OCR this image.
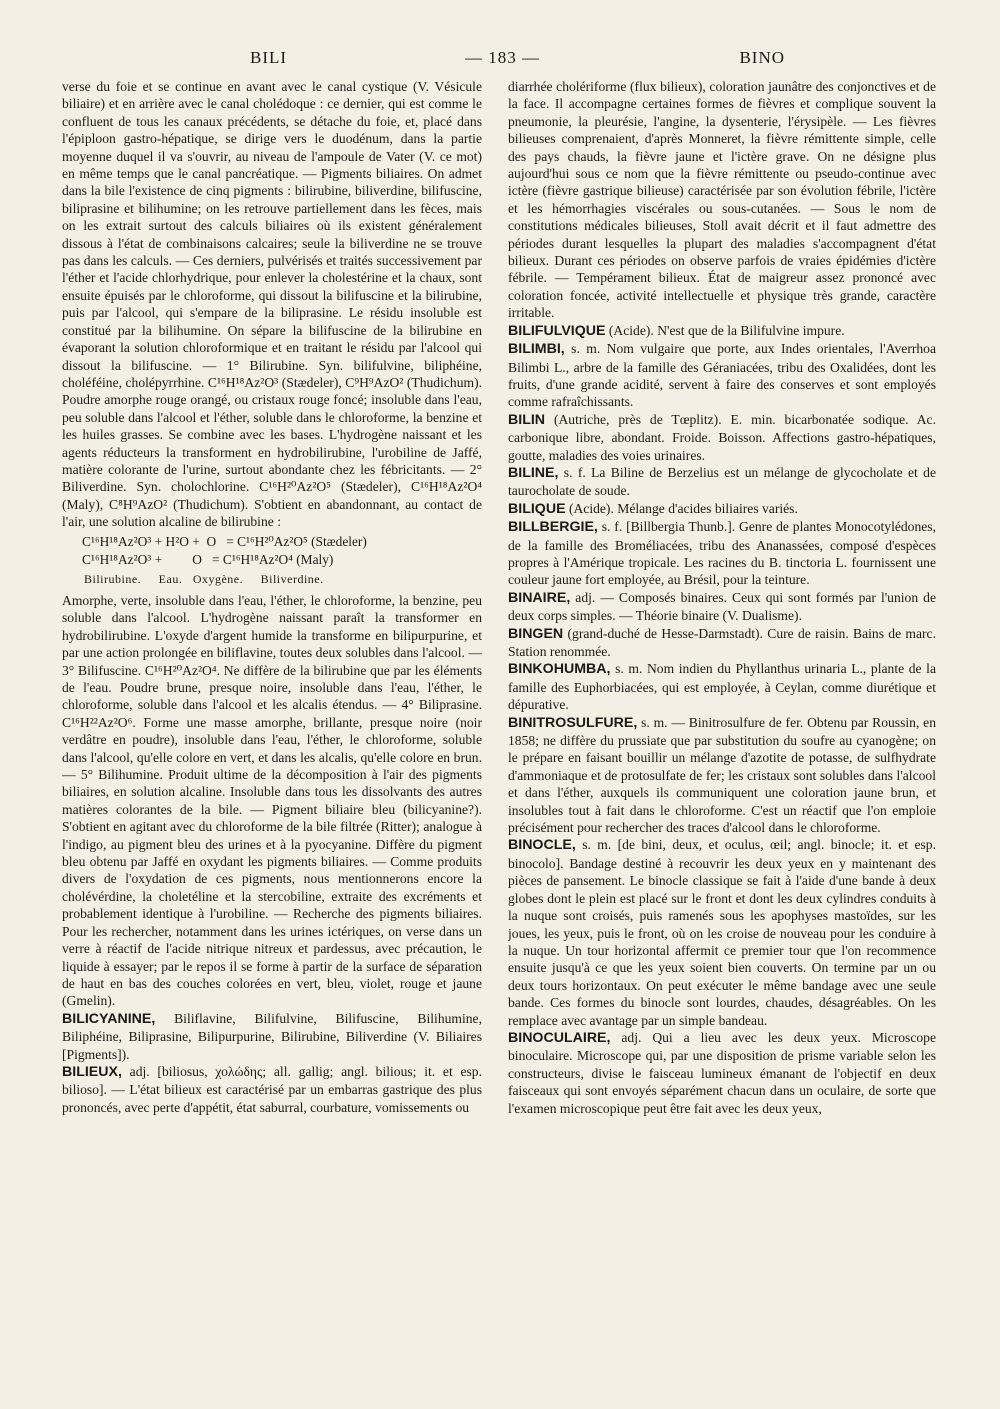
BILI	— 183 —	BINO

verse du foie et se continue en avant avec le canal cystique (V. Vésicule biliaire) et en arrière avec le canal cholédoque : ce dernier, qui est comme le confluent de tous les canaux précédents, se détache du foie, et, placé dans l'épiploon gastro-hépatique, se dirige vers le duodénum, dans la partie moyenne duquel il va s'ouvrir, au niveau de l'ampoule de Vater (V. ce mot) en même temps que le canal pancréatique. — Pigments biliaires. On admet dans la bile l'existence de cinq pigments : bilirubine, biliverdine, bilifuscine, biliprasine et bilihumine; on les retrouve partiellement dans les fèces, mais on les extrait surtout des calculs biliaires où ils existent généralement dissous à l'état de combinaisons calcaires; seule la biliverdine ne se trouve pas dans les calculs. — Ces derniers, pulvérisés et traités successivement par l'éther et l'acide chlorhydrique, pour enlever la cholestérine et la chaux, sont ensuite épuisés par le chloroforme, qui dissout la bilifuscine et la bilirubine, puis par l'alcool, qui s'empare de la biliprasine. Le résidu insoluble est constitué par la bilihumine. On sépare la bilifuscine de la bilirubine en évaporant la solution chloroformique et en traitant le résidu par l'alcool qui dissout la bilifuscine. — 1° Bilirubine. Syn. bilifulvine, biliphéine, choléféine, cholépyrrhine. C¹⁶H¹⁸Az²O³ (Stædeler), C⁹H⁹AzO² (Thudichum). Poudre amorphe rouge orangé, ou cristaux rouge foncé; insoluble dans l'eau, peu soluble dans l'alcool et l'éther, soluble dans le chloroforme, la benzine et les huiles grasses. Se combine avec les bases. L'hydrogène naissant et les agents réducteurs la transforment en hydrobilirubine, l'urobiline de Jaffé, matière colorante de l'urine, surtout abondante chez les fébricitants. — 2° Biliverdine. Syn. cholochlorine. C¹⁶H²⁰Az²O⁵ (Stædeler), C¹⁶H¹⁸Az²O⁴ (Maly), C⁸H⁹AzO² (Thudichum). S'obtient en abandonnant, au contact de l'air, une solution alcaline de bilirubine :

C¹⁶H¹⁸Az²O³ + H²O +  O   = C¹⁶H²⁰Az²O⁵ (Stædeler)
C¹⁶H¹⁸Az²O³ +         O   = C¹⁶H¹⁸Az²O⁴ (Maly)
Bilirubine.     Eau.   Oxygène.     Biliverdine.

Amorphe, verte, insoluble dans l'eau, l'éther, le chloroforme, la benzine, peu soluble dans l'alcool. L'hydrogène naissant paraît la transformer en hydrobilirubine. L'oxyde d'argent humide la transforme en bilipurpurine, et par une action prolongée en biliflavine, toutes deux solubles dans l'alcool. — 3° Bilifuscine. C¹⁶H²⁰Az²O⁴. Ne diffère de la bilirubine que par les éléments de l'eau. Poudre brune, presque noire, insoluble dans l'eau, l'éther, le chloroforme, soluble dans l'alcool et les alcalis étendus. — 4° Biliprasine. C¹⁶H²²Az²O⁶. Forme une masse amorphe, brillante, presque noire (noir verdâtre en poudre), insoluble dans l'eau, l'éther, le chloroforme, soluble dans l'alcool, qu'elle colore en vert, et dans les alcalis, qu'elle colore en brun. — 5° Bilihumine. Produit ultime de la décomposition à l'air des pigments biliaires, en solution alcaline. Insoluble dans tous les dissolvants des autres matières colorantes de la bile. — Pigment biliaire bleu (bilicyanine?). S'obtient en agitant avec du chloroforme de la bile filtrée (Ritter); analogue à l'indigo, au pigment bleu des urines et à la pyocyanine. Diffère du pigment bleu obtenu par Jaffé en oxydant les pigments biliaires. — Comme produits divers de l'oxydation de ces pigments, nous mentionnerons encore la cholévérdine, la choletéline et la stercobiline, extraite des excréments et probablement identique à l'urobiline. — Recherche des pigments biliaires. Pour les rechercher, notamment dans les urines ictériques, on verse dans un verre à réactif de l'acide nitrique nitreux et pardessus, avec précaution, le liquide à essayer; par le repos il se forme à partir de la surface de séparation de haut en bas des couches colorées en vert, bleu, violet, rouge et jaune (Gmelin).

BILICYANINE, Biliflavine, Bilifulvine, Bilifuscine, Bilihumine, Biliphéine, Biliprasine, Bilipurpurine, Bilirubine, Biliverdine (V. Biliaires [Pigments]).

BILIEUX, adj. [biliosus, χολώδης; all. gallig; angl. bilious; it. et esp. bilioso]. — L'état bilieux est caractérisé par un embarras gastrique des plus prononcés, avec perte d'appétit, état saburral, courbature, vomissements ou

diarrhée cholériforme (flux bilieux), coloration jaunâtre des conjonctives et de la face. Il accompagne certaines formes de fièvres et complique souvent la pneumonie, la pleurésie, l'angine, la dysenterie, l'érysipèle. — Les fièvres bilieuses comprenaient, d'après Monneret, la fièvre rémittente simple, celle des pays chauds, la fièvre jaune et l'ictère grave. On ne désigne plus aujourd'hui sous ce nom que la fièvre rémittente ou pseudo-continue avec ictère (fièvre gastrique bilieuse) caractérisée par son évolution fébrile, l'ictère et les hémorrhagies viscérales ou sous-cutanées. — Sous le nom de constitutions médicales bilieuses, Stoll avait décrit et il faut admettre des périodes durant lesquelles la plupart des maladies s'accompagnent d'état bilieux. Durant ces périodes on observe parfois de vraies épidémies d'ictère fébrile. — Tempérament bilieux. État de maigreur assez prononcé avec coloration foncée, activité intellectuelle et physique très grande, caractère irritable.

BILIFULVIQUE (Acide). N'est que de la Bilifulvine impure.

BILIMBI, s. m. Nom vulgaire que porte, aux Indes orientales, l'Averrhoa Bilimbi L., arbre de la famille des Géraniacées, tribu des Oxalidées, dont les fruits, d'une grande acidité, servent à faire des conserves et sont employés comme rafraîchissants.

BILIN (Autriche, près de Tœplitz). E. min. bicarbonatée sodique. Ac. carbonique libre, abondant. Froide. Boisson. Affections gastro-hépatiques, goutte, maladies des voies urinaires.

BILINE, s. f. La Biline de Berzelius est un mélange de glycocholate et de taurocholate de soude.

BILIQUE (Acide). Mélange d'acides biliaires variés.

BILLBERGIE, s. f. [Billbergia Thunb.]. Genre de plantes Monocotylédones, de la famille des Broméliacées, tribu des Ananassées, composé d'espèces propres à l'Amérique tropicale. Les racines du B. tinctoria L. fournissent une couleur jaune fort employée, au Brésil, pour la teinture.

BINAIRE, adj. — Composés binaires. Ceux qui sont formés par l'union de deux corps simples. — Théorie binaire (V. Dualisme).

BINGEN (grand-duché de Hesse-Darmstadt). Cure de raisin. Bains de marc. Station renommée.

BINKOHUMBA, s. m. Nom indien du Phyllanthus urinaria L., plante de la famille des Euphorbiacées, qui est employée, à Ceylan, comme diurétique et dépurative.

BINITROSULFURE, s. m. — Binitrosulfure de fer. Obtenu par Roussin, en 1858; ne diffère du prussiate que par substitution du soufre au cyanogène; on le prépare en faisant bouillir un mélange d'azotite de potasse, de sulfhydrate d'ammoniaque et de protosulfate de fer; les cristaux sont solubles dans l'alcool et dans l'éther, auxquels ils communiquent une coloration jaune brun, et insolubles tout à fait dans le chloroforme. C'est un réactif que l'on emploie précisément pour rechercher des traces d'alcool dans le chloroforme.

BINOCLE, s. m. [de bini, deux, et oculus, œil; angl. binocle; it. et esp. binocolo]. Bandage destiné à recouvrir les deux yeux en y maintenant des pièces de pansement. Le binocle classique se fait à l'aide d'une bande à deux globes dont le plein est placé sur le front et dont les deux cylindres conduits à la nuque sont croisés, puis ramenés sous les apophyses mastoïdes, sur les joues, les yeux, puis le front, où on les croise de nouveau pour les conduire à la nuque. Un tour horizontal affermit ce premier tour que l'on recommence ensuite jusqu'à ce que les yeux soient bien couverts. On termine par un ou deux tours horizontaux. On peut exécuter le même bandage avec une seule bande. Ces formes du binocle sont lourdes, chaudes, désagréables. On les remplace avec avantage par un simple bandeau.

BINOCULAIRE, adj. Qui a lieu avec les deux yeux. Microscope binoculaire. Microscope qui, par une disposition de prisme variable selon les constructeurs, divise le faisceau lumineux émanant de l'objectif en deux faisceaux qui sont envoyés séparément chacun dans un oculaire, de sorte que l'examen microscopique peut être fait avec les deux yeux,
